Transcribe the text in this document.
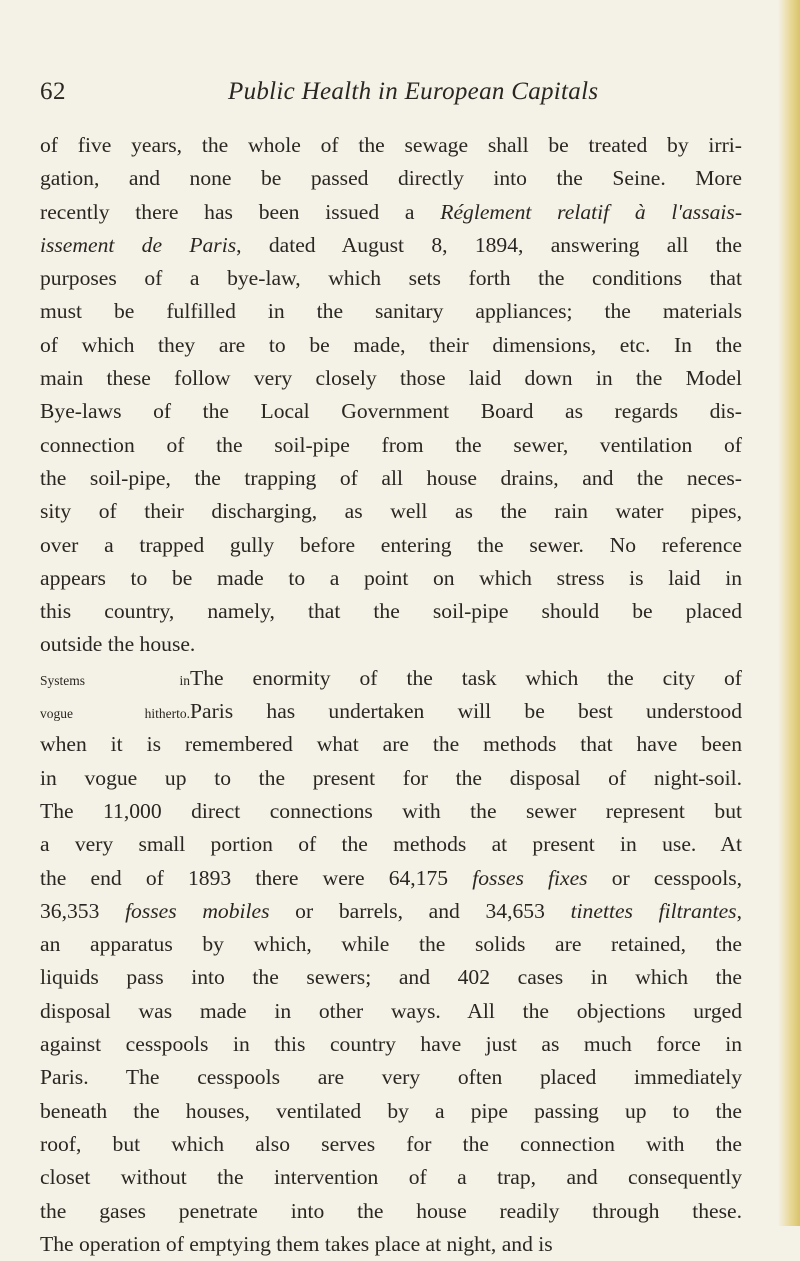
62	Public Health in European Capitals
of five years, the whole of the sewage shall be treated by irri-
gation, and none be passed directly into the Seine. More
recently there has been issued a Réglement relatif à l'assais-
issement de Paris, dated August 8, 1894, answering all the
purposes of a bye-law, which sets forth the conditions that
must be fulfilled in the sanitary appliances; the materials
of which they are to be made, their dimensions, etc. In the
main these follow very closely those laid down in the Model
Bye-laws of the Local Government Board as regards dis-
connection of the soil-pipe from the sewer, ventilation of
the soil-pipe, the trapping of all house drains, and the neces-
sity of their discharging, as well as the rain water pipes,
over a trapped gully before entering the sewer. No reference
appears to be made to a point on which stress is laid in
this country, namely, that the soil-pipe should be placed
outside the house.
Systems inThe enormity of the task which the city of
vogue hitherto.Paris has undertaken will be best understood
when it is remembered what are the methods that have been
in vogue up to the present for the disposal of night-soil.
The 11,000 direct connections with the sewer represent but
a very small portion of the methods at present in use. At
the end of 1893 there were 64,175 fosses fixes or cesspools,
36,353 fosses mobiles or barrels, and 34,653 tinettes filtrantes,
an apparatus by which, while the solids are retained, the
liquids pass into the sewers; and 402 cases in which the
disposal was made in other ways. All the objections urged
against cesspools in this country have just as much force in
Paris. The cesspools are very often placed immediately
beneath the houses, ventilated by a pipe passing up to the
roof, but which also serves for the connection with the
closet without the intervention of a trap, and consequently
the gases penetrate into the house readily through these.
The operation of emptying them takes place at night, and is
